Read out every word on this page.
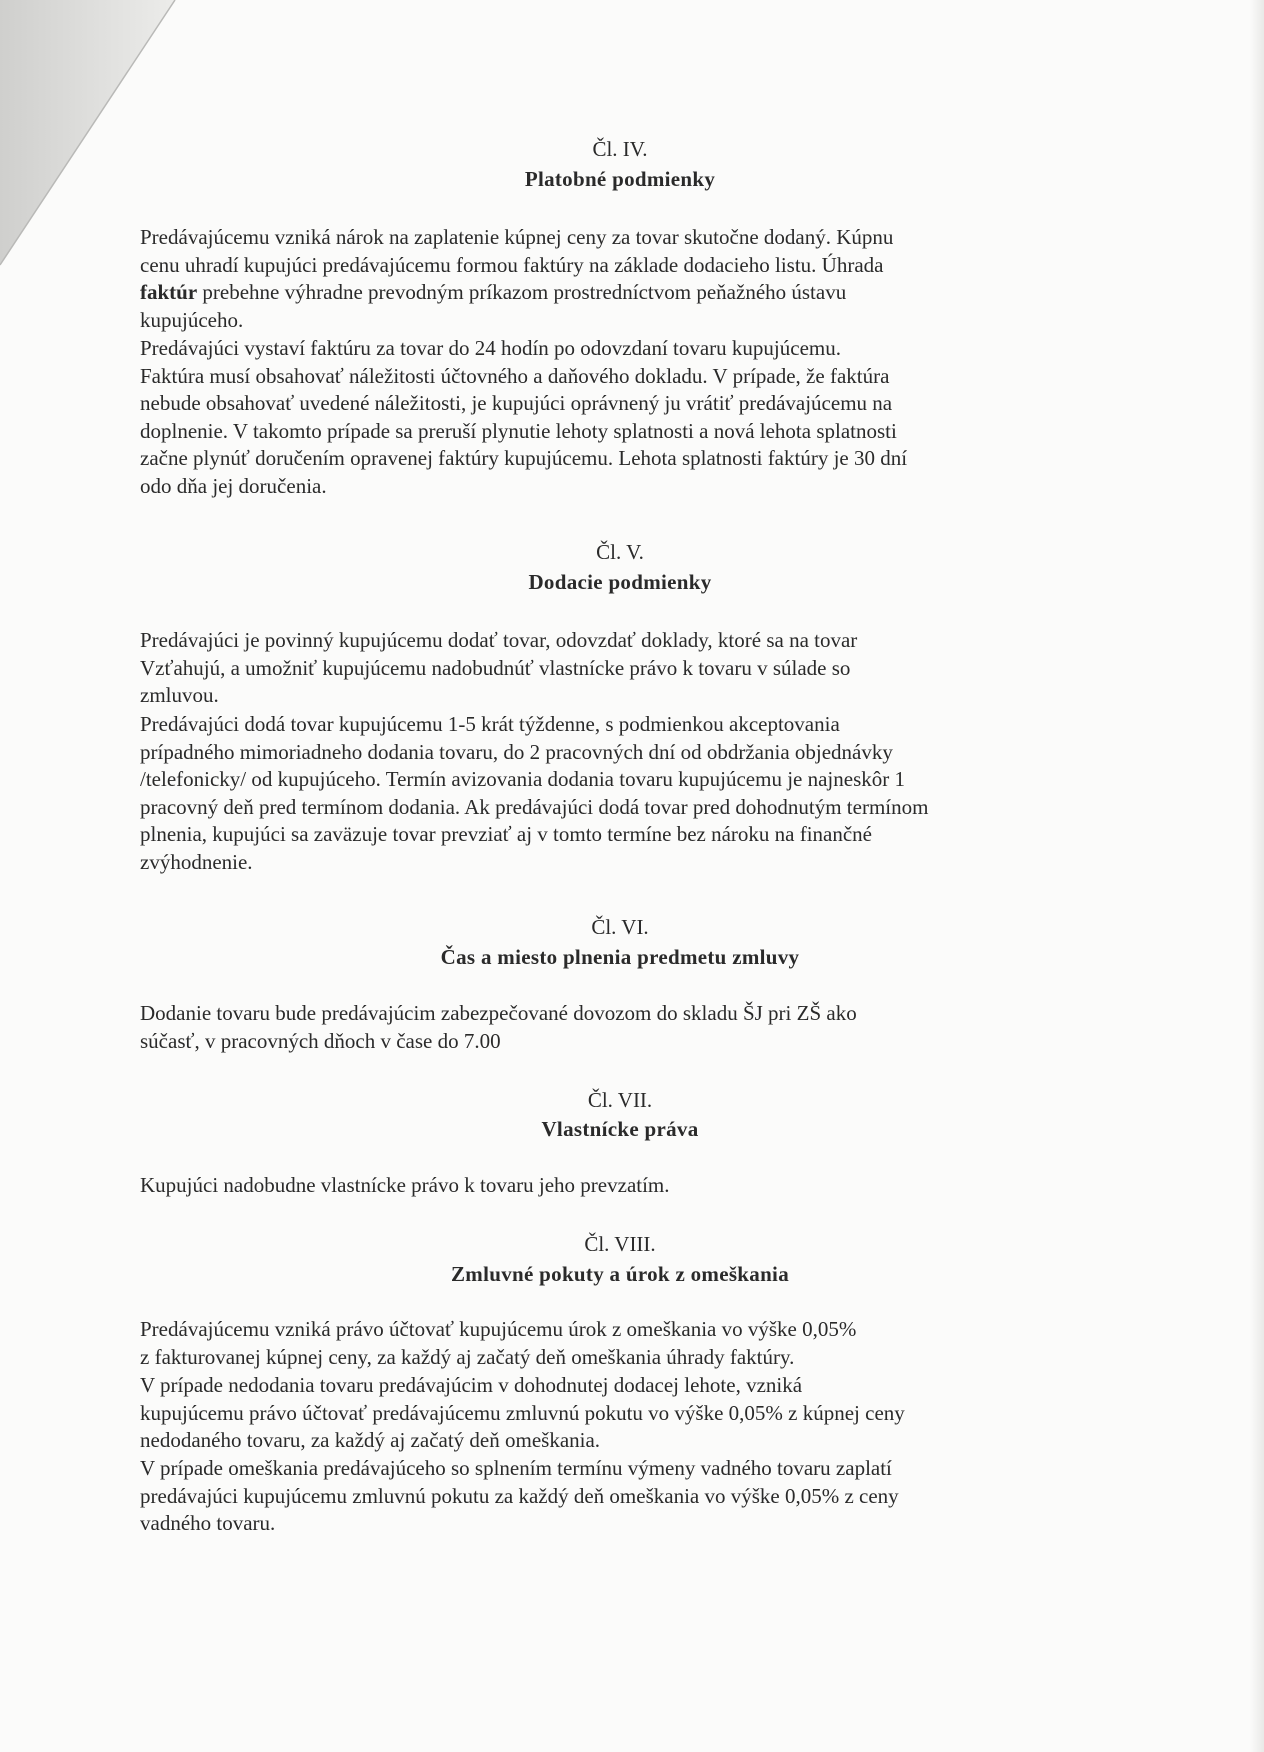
Čl. IV.
Platobné podmienky
Predávajúcemu vzniká nárok na zaplatenie kúpnej ceny za tovar skutočne dodaný. Kúpnu
cenu uhradí kupujúci predávajúcemu formou faktúry na základe dodacieho listu. Úhrada
faktúr prebehne výhradne prevodným príkazom prostredníctvom peňažného ústavu
kupujúceho.
Predávajúci vystaví faktúru za tovar do 24 hodín po odovzdaní tovaru kupujúcemu.
Faktúra musí obsahovať náležitosti účtovného a daňového dokladu. V prípade, že faktúra
nebude obsahovať uvedené náležitosti, je kupujúci oprávnený ju vrátiť predávajúcemu na
doplnenie. V takomto prípade sa preruší plynutie lehoty splatnosti a nová lehota splatnosti
začne plynúť doručením opravenej faktúry kupujúcemu. Lehota splatnosti faktúry je 30 dní
odo dňa jej doručenia.
Čl. V.
Dodacie podmienky
Predávajúci je povinný kupujúcemu dodať tovar, odovzdať doklady, ktoré sa na tovar
Vzťahujú, a umožniť kupujúcemu nadobudnúť vlastnícke právo k tovaru v súlade so
zmluvou.
Predávajúci dodá tovar kupujúcemu 1-5 krát týždenne, s podmienkou akceptovania
prípadného mimoriadneho dodania tovaru, do 2 pracovných dní od obdržania objednávky
/telefonicky/ od kupujúceho. Termín avizovania dodania tovaru kupujúcemu je najneskôr 1
pracovný deň pred termínom dodania. Ak predávajúci dodá tovar pred dohodnutým termínom
plnenia, kupujúci sa zaväzuje tovar prevziať aj v tomto termíne bez nároku na finančné
zvýhodnenie.
Čl. VI.
Čas a miesto plnenia predmetu zmluvy
Dodanie tovaru bude predávajúcim zabezpečované dovozom do skladu ŠJ pri ZŠ ako
súčasť, v pracovných dňoch v čase do 7.00
Čl. VII.
Vlastnícke práva
Kupujúci nadobudne vlastnícke právo k tovaru jeho prevzatím.
Čl. VIII.
Zmluvné pokuty a úrok z omeškania
Predávajúcemu vzniká právo účtovať kupujúcemu úrok z omeškania vo výške 0,05%
z fakturovanej kúpnej ceny, za každý aj začatý deň omeškania úhrady faktúry.
V prípade nedodania tovaru predávajúcim v dohodnutej dodacej lehote, vzniká
kupujúcemu právo účtovať predávajúcemu zmluvnú pokutu vo výške 0,05% z kúpnej ceny
nedodaného tovaru, za každý aj začatý deň omeškania.
V prípade omeškania predávajúceho so splnením termínu výmeny vadného tovaru zaplatí
predávajúci kupujúcemu zmluvnú pokutu za každý deň omeškania vo výške 0,05% z ceny
vadného tovaru.
